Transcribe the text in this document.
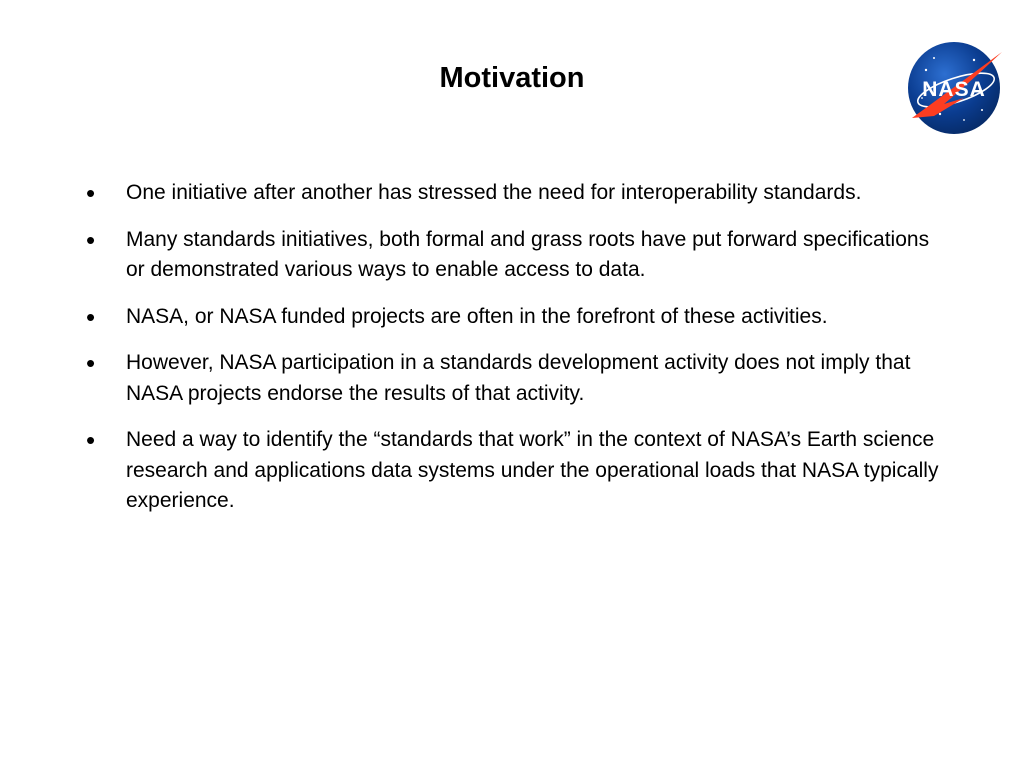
Motivation	NASA
• One initiative after another has stressed the need for interoperability standards.
• Many standards initiatives, both formal and grass roots have put forward specifications or demonstrated various ways to enable access to data.
• NASA, or NASA funded projects are often in the forefront of these activities.
• However, NASA participation in a standards development activity does not imply that NASA projects endorse the results of that activity.
• Need a way to identify the “standards that work” in the context of NASA’s Earth science research and applications data systems under the operational loads that NASA typically experience.
